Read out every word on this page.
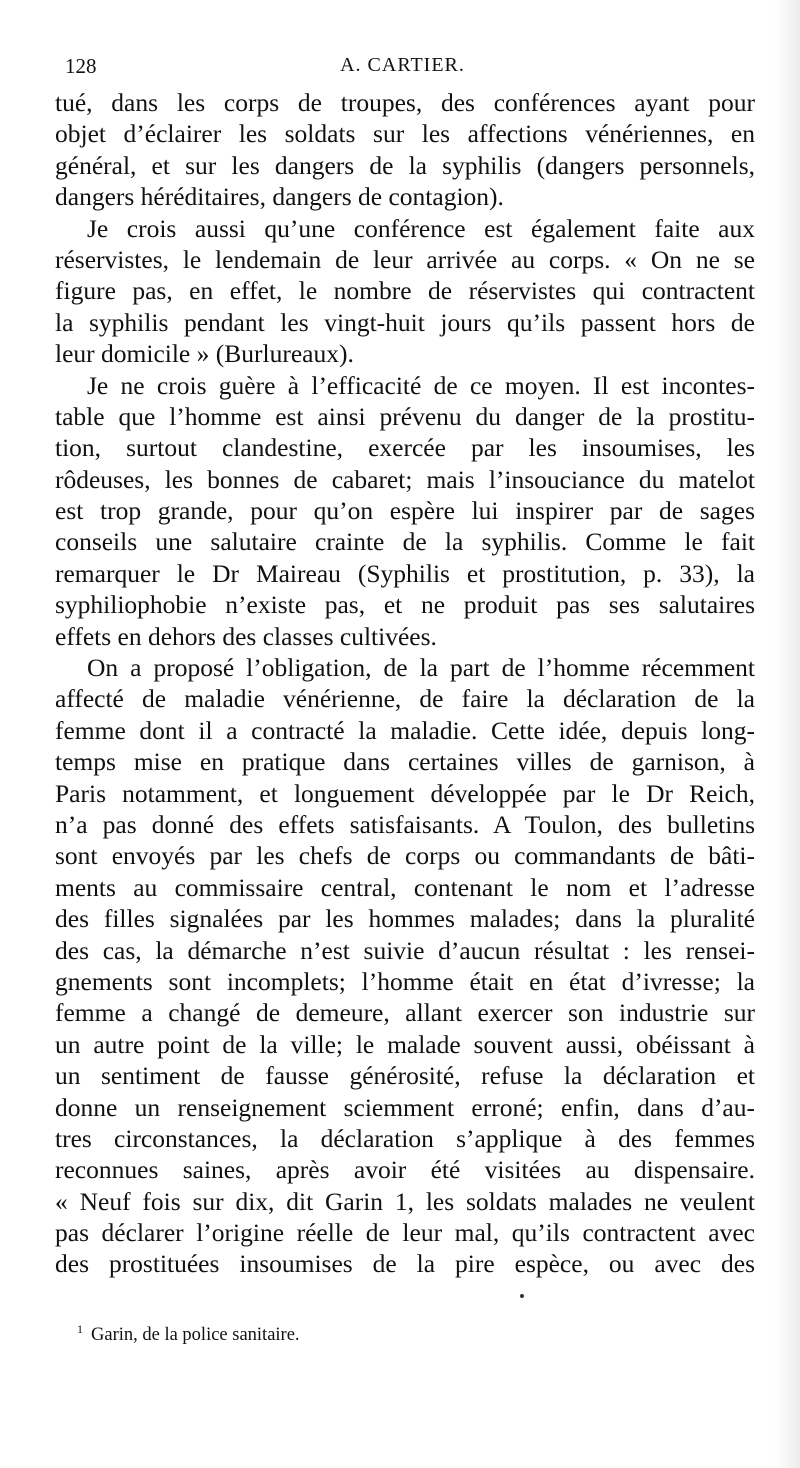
128	A. CARTIER.
tué, dans les corps de troupes, des conférences ayant pour
objet d’éclairer les soldats sur les affections vénériennes, en
général, et sur les dangers de la syphilis (dangers personnels,
dangers héréditaires, dangers de contagion).
Je crois aussi qu’une conférence est également faite aux
réservistes, le lendemain de leur arrivée au corps. « On ne se
figure pas, en effet, le nombre de réservistes qui contractent
la syphilis pendant les vingt-huit jours qu’ils passent hors de
leur domicile » (Burlureaux).
Je ne crois guère à l’efficacité de ce moyen. Il est incontes-
table que l’homme est ainsi prévenu du danger de la prostitu-
tion, surtout clandestine, exercée par les insoumises, les
rôdeuses, les bonnes de cabaret; mais l’insouciance du matelot
est trop grande, pour qu’on espère lui inspirer par de sages
conseils une salutaire crainte de la syphilis. Comme le fait
remarquer le Dr Maireau (Syphilis et prostitution, p. 33), la
syphiliophobie n’existe pas, et ne produit pas ses salutaires
effets en dehors des classes cultivées.
On a proposé l’obligation, de la part de l’homme récemment
affecté de maladie vénérienne, de faire la déclaration de la
femme dont il a contracté la maladie. Cette idée, depuis long-
temps mise en pratique dans certaines villes de garnison, à
Paris notamment, et longuement développée par le Dr Reich,
n’a pas donné des effets satisfaisants. A Toulon, des bulletins
sont envoyés par les chefs de corps ou commandants de bâti-
ments au commissaire central, contenant le nom et l’adresse
des filles signalées par les hommes malades; dans la pluralité
des cas, la démarche n’est suivie d’aucun résultat : les rensei-
gnements sont incomplets; l’homme était en état d’ivresse; la
femme a changé de demeure, allant exercer son industrie sur
un autre point de la ville; le malade souvent aussi, obéissant à
un sentiment de fausse générosité, refuse la déclaration et
donne un renseignement sciemment erroné; enfin, dans d’au-
tres circonstances, la déclaration s’applique à des femmes
reconnues saines, après avoir été visitées au dispensaire.
« Neuf fois sur dix, dit Garin 1, les soldats malades ne veulent
pas déclarer l’origine réelle de leur mal, qu’ils contractent avec
des prostituées insoumises de la pire espèce, ou avec des
$^1$ Garin, de la police sanitaire.
